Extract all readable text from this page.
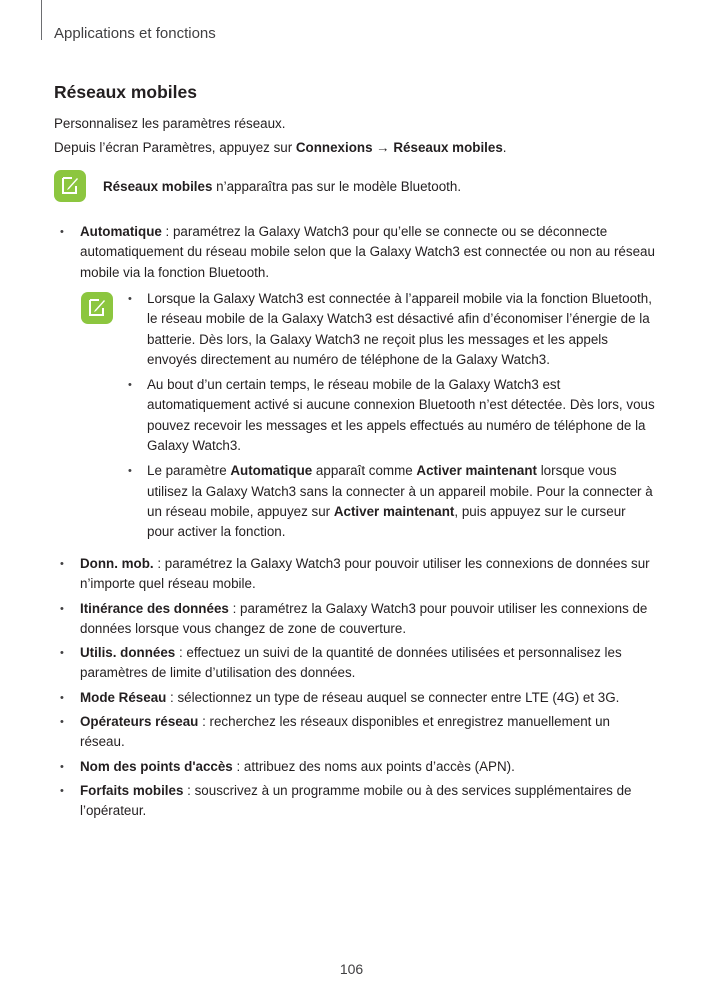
Applications et fonctions
Réseaux mobiles
Personnalisez les paramètres réseaux.
Depuis l’écran Paramètres, appuyez sur Connexions → Réseaux mobiles.
Réseaux mobiles n’apparaîtra pas sur le modèle Bluetooth.
• Automatique : paramétrez la Galaxy Watch3 pour qu’elle se connecte ou se déconnecte automatiquement du réseau mobile selon que la Galaxy Watch3 est connectée ou non au réseau mobile via la fonction Bluetooth.
• Lorsque la Galaxy Watch3 est connectée à l’appareil mobile via la fonction Bluetooth, le réseau mobile de la Galaxy Watch3 est désactivé afin d’économiser l’énergie de la batterie. Dès lors, la Galaxy Watch3 ne reçoit plus les messages et les appels envoyés directement au numéro de téléphone de la Galaxy Watch3.
• Au bout d’un certain temps, le réseau mobile de la Galaxy Watch3 est automatiquement activé si aucune connexion Bluetooth n’est détectée. Dès lors, vous pouvez recevoir les messages et les appels effectués au numéro de téléphone de la Galaxy Watch3.
• Le paramètre Automatique apparaît comme Activer maintenant lorsque vous utilisez la Galaxy Watch3 sans la connecter à un appareil mobile. Pour la connecter à un réseau mobile, appuyez sur Activer maintenant, puis appuyez sur le curseur pour activer la fonction.
• Donn. mob. : paramétrez la Galaxy Watch3 pour pouvoir utiliser les connexions de données sur n’importe quel réseau mobile.
• Itinérance des données : paramétrez la Galaxy Watch3 pour pouvoir utiliser les connexions de données lorsque vous changez de zone de couverture.
• Utilis. données : effectuez un suivi de la quantité de données utilisées et personnalisez les paramètres de limite d’utilisation des données.
• Mode Réseau : sélectionnez un type de réseau auquel se connecter entre LTE (4G) et 3G.
• Opérateurs réseau : recherchez les réseaux disponibles et enregistrez manuellement un réseau.
• Nom des points d'accès : attribuez des noms aux points d’accès (APN).
• Forfaits mobiles : souscrivez à un programme mobile ou à des services supplémentaires de l’opérateur.
106
